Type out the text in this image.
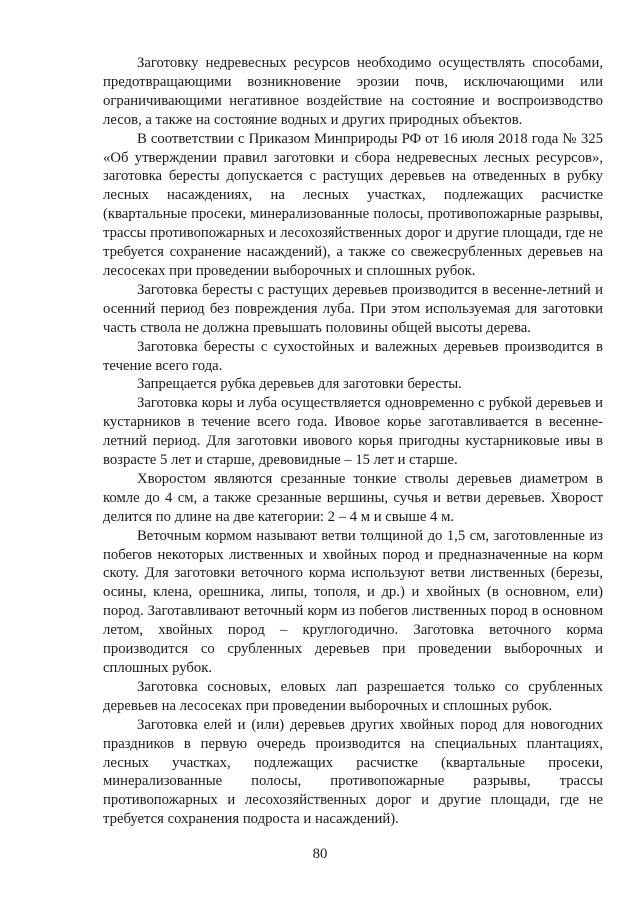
Заготовку недревесных ресурсов необходимо осуществлять способами, предотвращающими возникновение эрозии почв, исключающими или ограничивающими негативное воздействие на состояние и воспроизводство лесов, а также на состояние водных и других природных объектов.

В соответствии с Приказом Минприроды РФ от 16 июля 2018 года № 325 «Об утверждении правил заготовки и сбора недревесных лесных ресурсов», заготовка бересты допускается с растущих деревьев на отведенных в рубку лесных насаждениях, на лесных участках, подлежащих расчистке (квартальные просеки, минерализованные полосы, противопожарные разрывы, трассы противопожарных и лесохозяйственных дорог и другие площади, где не требуется сохранение насаждений), а также со свежесрубленных деревьев на лесосеках при проведении выборочных и сплошных рубок.

Заготовка бересты с растущих деревьев производится в весенне-летний и осенний период без повреждения луба. При этом используемая для заготовки часть ствола не должна превышать половины общей высоты дерева.

Заготовка бересты с сухостойных и валежных деревьев производится в течение всего года.

Запрещается рубка деревьев для заготовки бересты.

Заготовка коры и луба осуществляется одновременно с рубкой деревьев и кустарников в течение всего года. Ивовое корье заготавливается в весенне-летний период. Для заготовки ивового корья пригодны кустарниковые ивы в возрасте 5 лет и старше, древовидные – 15 лет и старше.

Хворостом являются срезанные тонкие стволы деревьев диаметром в комле до 4 см, а также срезанные вершины, сучья и ветви деревьев. Хворост делится по длине на две категории: 2 – 4 м и свыше 4 м.

Веточным кормом называют ветви толщиной до 1,5 см, заготовленные из побегов некоторых лиственных и хвойных пород и предназначенные на корм скоту. Для заготовки веточного корма используют ветви лиственных (березы, осины, клена, орешника, липы, тополя, и др.) и хвойных (в основном, ели) пород. Заготавливают веточный корм из побегов лиственных пород в основном летом, хвойных пород – круглогодично. Заготовка веточного корма производится со срубленных деревьев при проведении выборочных и сплошных рубок.

Заготовка сосновых, еловых лап разрешается только со срубленных деревьев на лесосеках при проведении выборочных и сплошных рубок.

Заготовка елей и (или) деревьев других хвойных пород для новогодних праздников в первую очередь производится на специальных плантациях, лесных участках, подлежащих расчистке (квартальные просеки, минерализованные полосы, противопожарные разрывы, трассы противопожарных и лесохозяйственных дорог и другие площади, где не требуется сохранения подроста и насаждений).

80
